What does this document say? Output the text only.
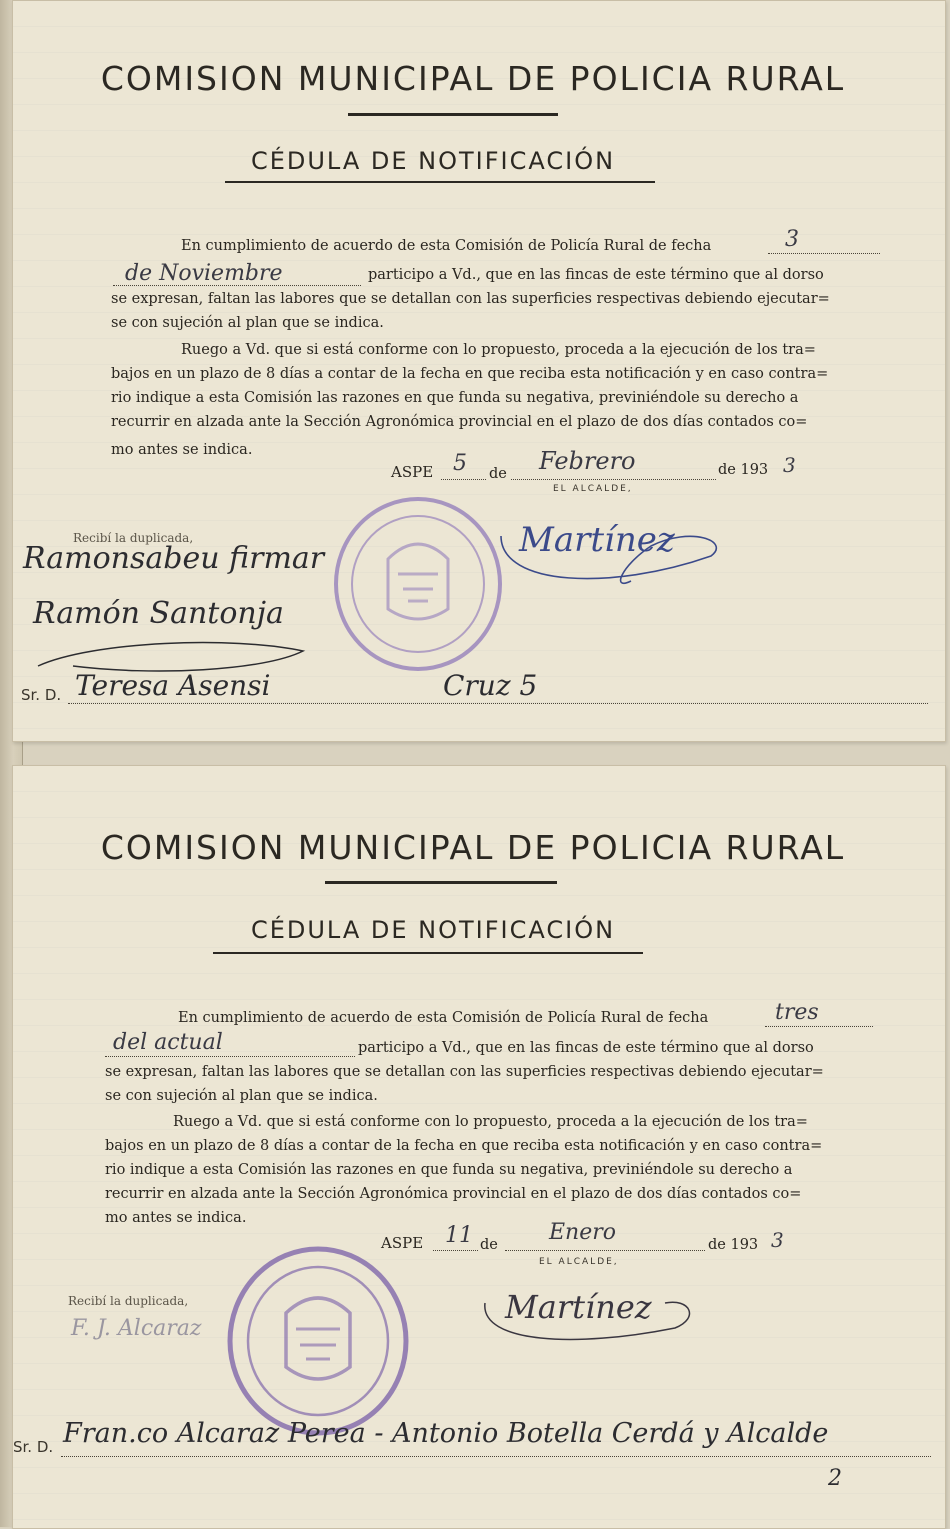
COMISION MUNICIPAL DE POLICIA RURAL
CÉDULA DE NOTIFICACIÓN
En cumplimiento de acuerdo de esta Comisión de Policía Rural de fecha	3
de Noviembre	participo a Vd., que en las fincas de este término que al dorso
se expresan, faltan las labores que se detallan con las superficies respectivas debiendo ejecutar=
se con sujeción al plan que se indica.
Ruego a Vd. que si está conforme con lo propuesto, proceda a la ejecución de los tra=
bajos en un plazo de 8 días a contar de la fecha en que reciba esta notificación y en caso contra=
rio indique a esta Comisión las razones en que funda su negativa, previniéndole su derecho a
recurrir en alzada ante la Sección Agronómica provincial en el plazo de dos días contados co=
mo antes se indica.
ASPE 5 de Febrero	de 193 3
EL ALCALDE,
Martínez
Recibí la duplicada,
Ramonsabeu firmar
Ramón Santonja
Sr. D. Teresa Asensi	Cruz 5
COMISION MUNICIPAL DE POLICIA RURAL
CÉDULA DE NOTIFICACIÓN
En cumplimiento de acuerdo de esta Comisión de Policía Rural de fecha	tres
del actual	participo a Vd., que en las fincas de este término que al dorso
se expresan, faltan las labores que se detallan con las superficies respectivas debiendo ejecutar=
se con sujeción al plan que se indica.
Ruego a Vd. que si está conforme con lo propuesto, proceda a la ejecución de los tra=
bajos en un plazo de 8 días a contar de la fecha en que reciba esta notificación y en caso contra=
rio indique a esta Comisión las razones en que funda su negativa, previniéndole su derecho a
recurrir en alzada ante la Sección Agronómica provincial en el plazo de dos días contados co=
mo antes se indica.
ASPE 11 de Enero	de 193 3
EL ALCALDE,
Martínez
Recibí la duplicada,
F. J. Alcaraz
Sr. D. Fran.co Alcaraz Perea - Antonio Botella Cerdá y Alcalde
2
